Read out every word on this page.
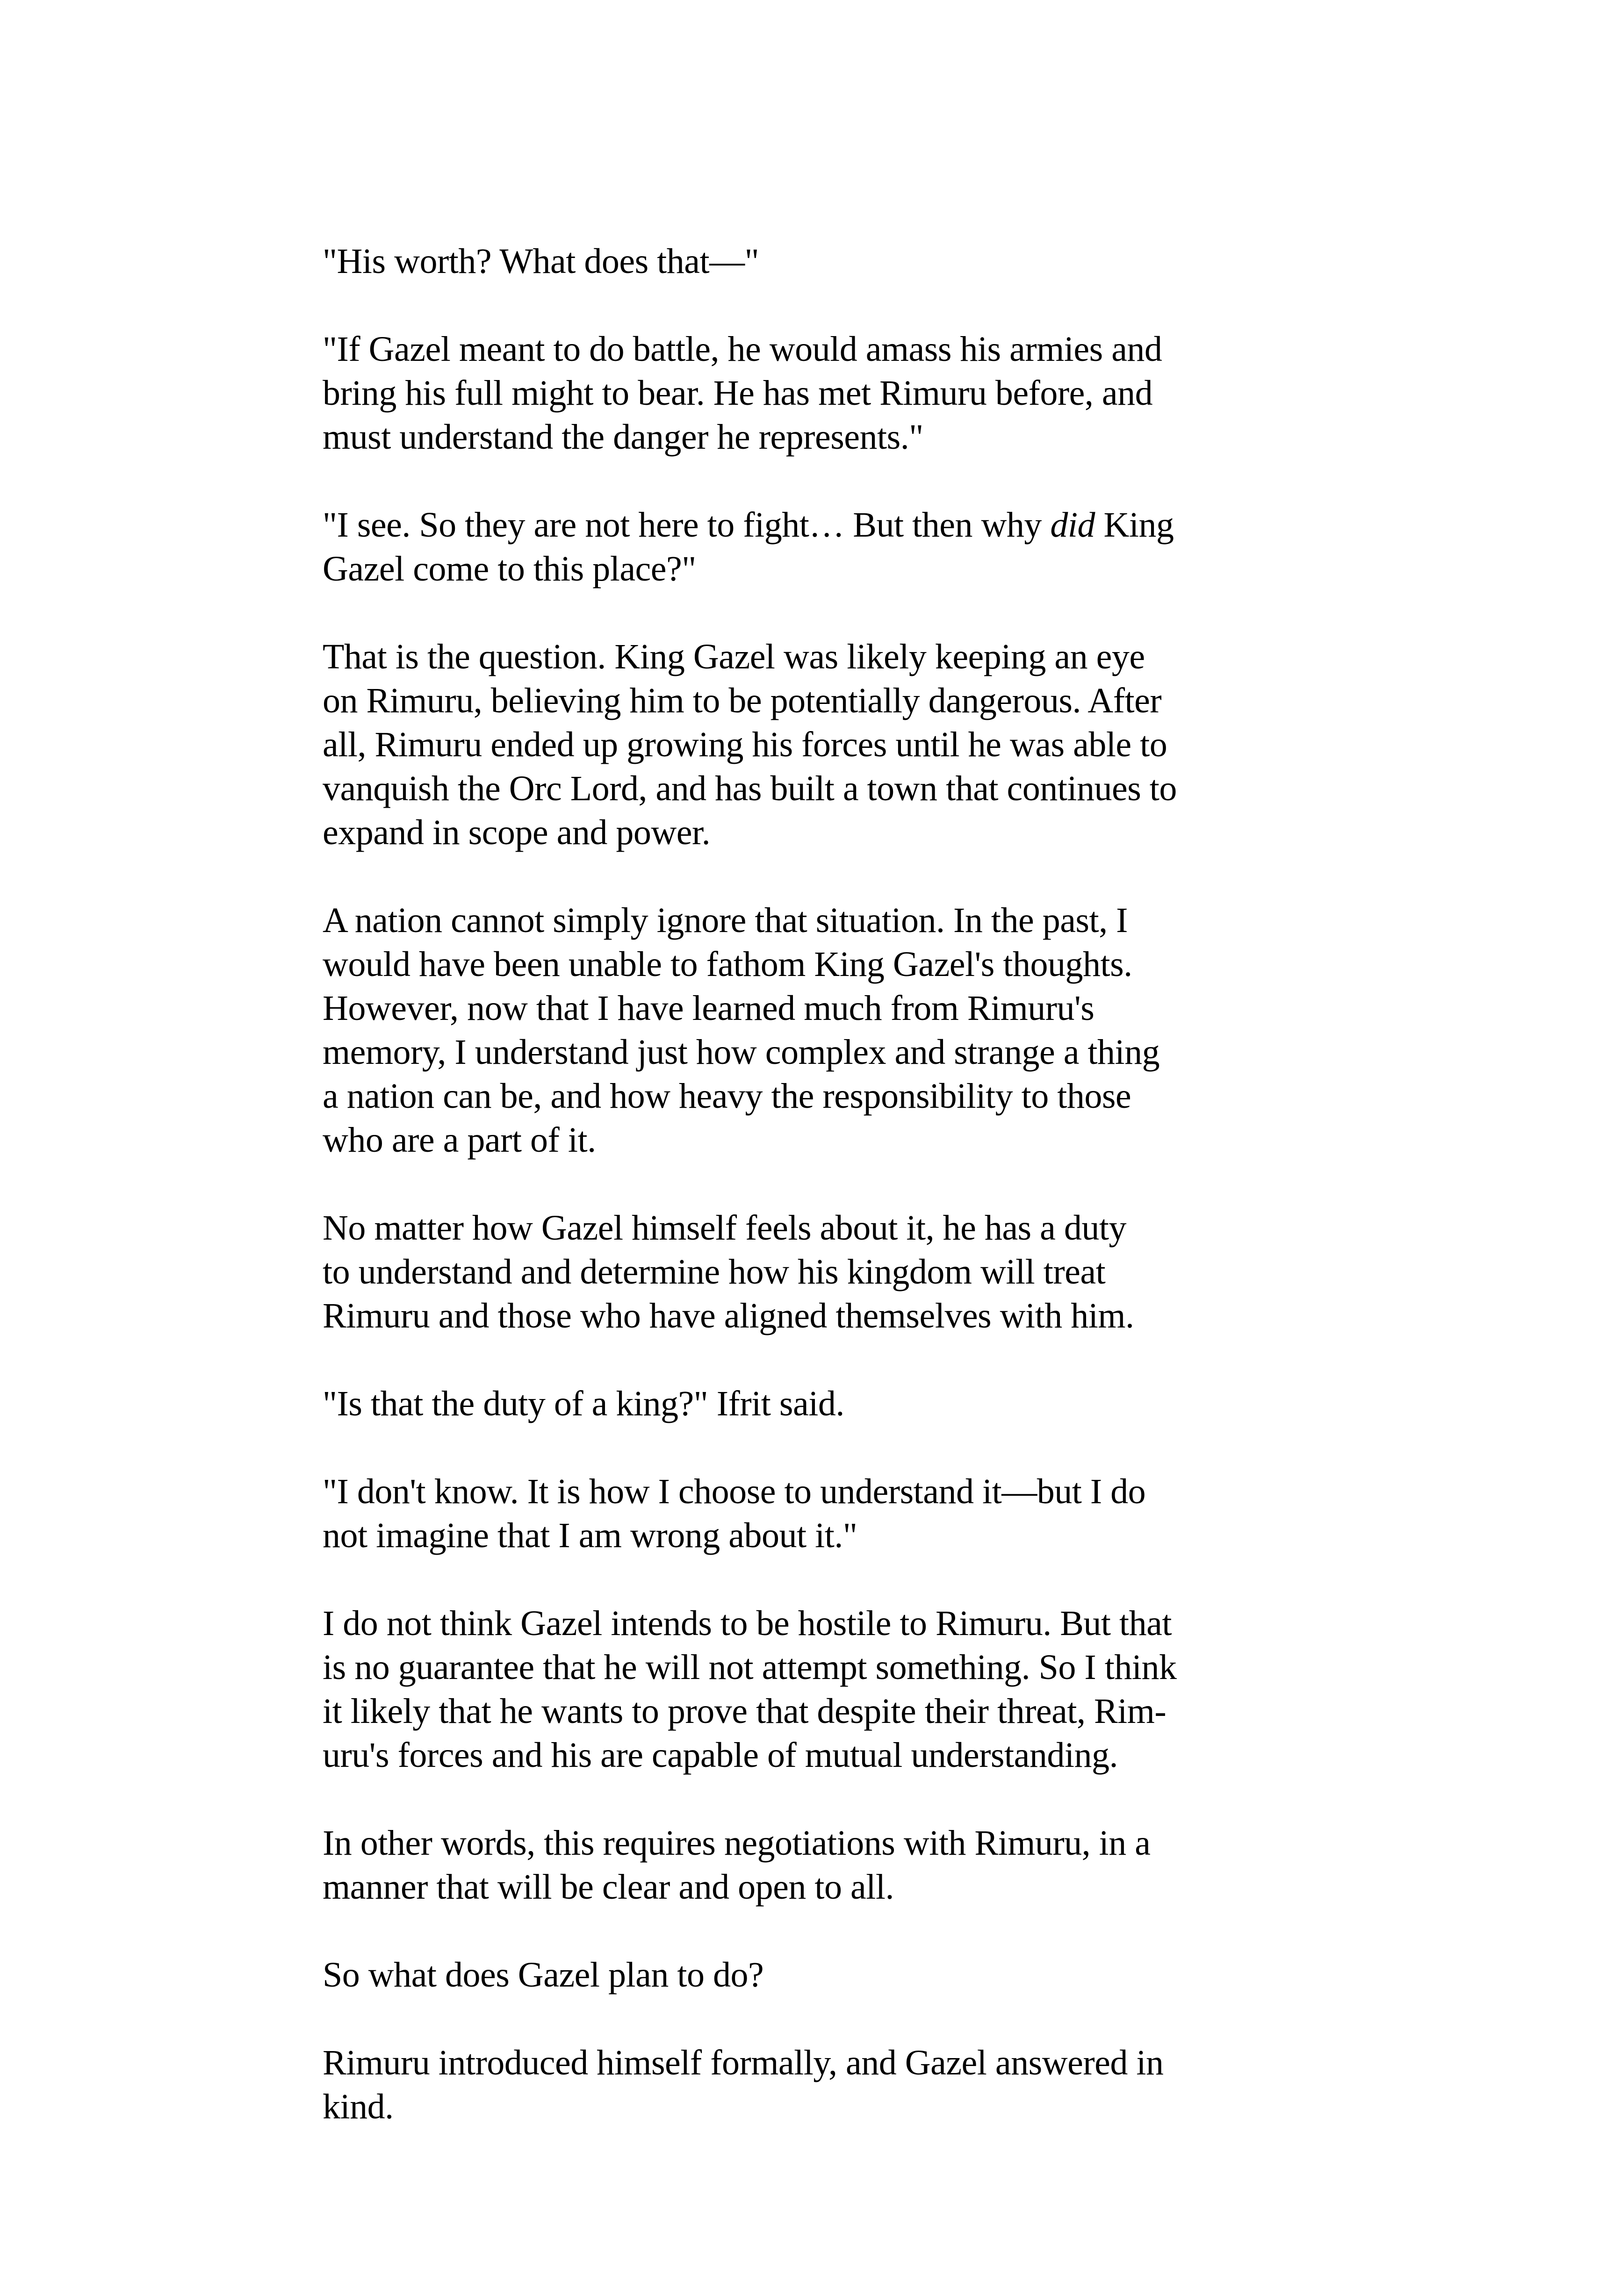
"His worth? What does that—"
"If Gazel meant to do battle, he would amass his armies and
bring his full might to bear. He has met Rimuru before, and
must understand the danger he represents."
"I see. So they are not here to fight… But then why did King
Gazel come to this place?"
That is the question. King Gazel was likely keeping an eye
on Rimuru, believing him to be potentially dangerous. After
all, Rimuru ended up growing his forces until he was able to
vanquish the Orc Lord, and has built a town that continues to
expand in scope and power.
A nation cannot simply ignore that situation. In the past, I
would have been unable to fathom King Gazel's thoughts.
However, now that I have learned much from Rimuru's
memory, I understand just how complex and strange a thing
a nation can be, and how heavy the responsibility to those
who are a part of it.
No matter how Gazel himself feels about it, he has a duty
to understand and determine how his kingdom will treat
Rimuru and those who have aligned themselves with him.
"Is that the duty of a king?" Ifrit said.
"I don't know. It is how I choose to understand it—but I do
not imagine that I am wrong about it."
I do not think Gazel intends to be hostile to Rimuru. But that
is no guarantee that he will not attempt something. So I think
it likely that he wants to prove that despite their threat, Rim-
uru's forces and his are capable of mutual understanding.
In other words, this requires negotiations with Rimuru, in a
manner that will be clear and open to all.
So what does Gazel plan to do?
Rimuru introduced himself formally, and Gazel answered in
kind.
